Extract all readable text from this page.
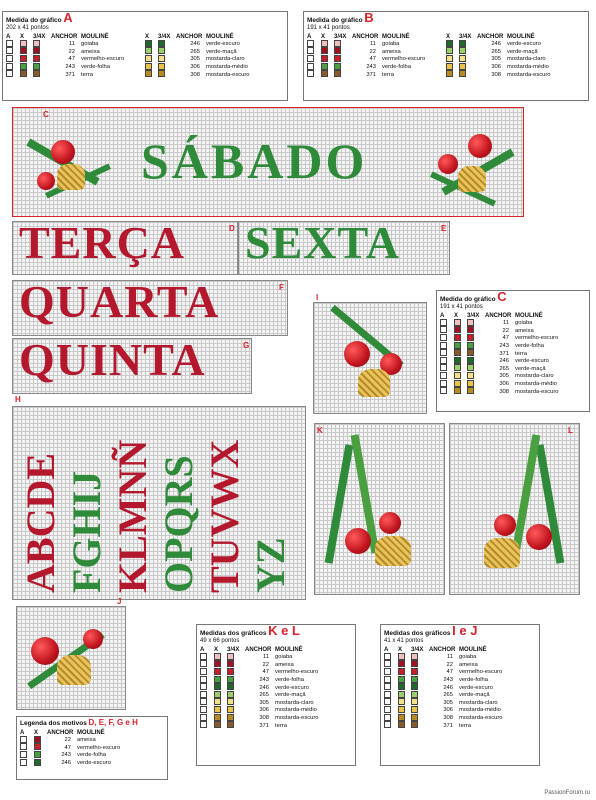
Medida do gráfico A
202 x 41 pontos
A	X	3/4X ANCHOR MOULINÉ	X	3/4X ANCHOR MOULINÉ
11	goiaba	246	verde-escuro
22	ameixa	265	verde-maçã
47	vermelho-escuro	305	mostarda-claro
243	verde-folha	306	mostarda-médio
371	terra	308	mostarda-escuro
Medida do gráfico B
191 x 41 pontos
A	X	3/4X ANCHOR MOULINÉ	X	3/4X ANCHOR MOULINÉ
11	goiaba	246	verde-escuro
22	ameixa	265	verde-maçã
47	vermelho-escuro	305	mostarda-claro
243	verde-folha	306	mostarda-médio
371	terra	308	mostarda-escuro
C
SÁBADO
D
TERÇA	E
SEXTA
F
QUARTA
G
QUINTA
I	Medida do gráfico C
191 x 41 pontos
A	X	3/4X ANCHOR MOULINÉ
11	goiaba
22	ameixa
47	vermelho-escuro
243	verde-folha
371	terra
246	verde-escuro
265	verde-maçã
305	mostarda-claro
306	mostarda-médio
308	mostarda-escuro
H
ABCDE FGHIJ KLMNÑ OPQRS TUVWX YZ
K	L
J
Legenda dos motivos D, E, F, G e H
A	X	ANCHOR MOULINÉ
22	ameixa
47	vermelho-escuro
243	verde-folha
246	verde-escuro
Medidas dos gráficos K e L
49 x 66 pontos
A	X	3/4X ANCHOR MOULINÉ
11	goiaba
22	ameixa
47	vermelho-escuro
243	verde-folha
246	verde-escuro
265	verde-maçã
305	mostarda-claro
306	mostarda-médio
308	mostarda-escuro
371	terra
Medidas dos gráficos I e J
41 x 41 pontos
A	X	3/4X ANCHOR MOULINÉ
11	goiaba
22	ameixa
47	vermelho-escuro
243	verde-folha
246	verde-escuro
265	verde-maçã
305	mostarda-claro
306	mostarda-médio
308	mostarda-escuro
371	terra
PassionForum.ru
